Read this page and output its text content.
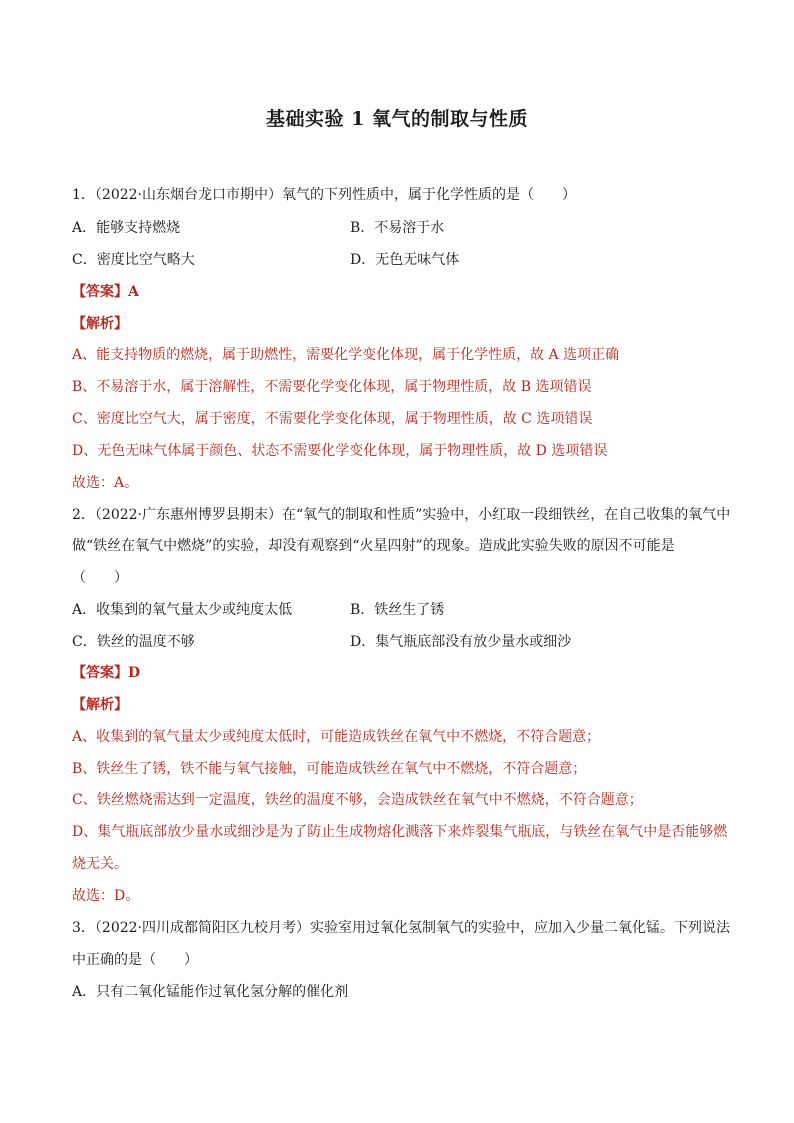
基础实验 1 氧气的制取与性质
1．（2022·山东烟台龙口市期中）氧气的下列性质中，属于化学性质的是（　　）
A．能够支持燃烧	B．不易溶于水
C．密度比空气略大	D．无色无味气体
【答案】A
【解析】
A、能支持物质的燃烧，属于助燃性，需要化学变化体现，属于化学性质，故 A 选项正确
B、不易溶于水，属于溶解性，不需要化学变化体现，属于物理性质，故 B 选项错误
C、密度比空气大，属于密度，不需要化学变化体现，属于物理性质，故 C 选项错误
D、无色无味气体属于颜色、状态不需要化学变化体现，属于物理性质，故 D 选项错误
故选：A。
2．（2022·广东惠州博罗县期末）在“氧气的制取和性质”实验中，小红取一段细铁丝，在自己收集的氧气中
做“铁丝在氧气中燃烧”的实验，却没有观察到“火星四射”的现象。造成此实验失败的原因不可能是
（　　）
A．收集到的氧气量太少或纯度太低	B．铁丝生了锈
C．铁丝的温度不够	D．集气瓶底部没有放少量水或细沙
【答案】D
【解析】
A、收集到的氧气量太少或纯度太低时，可能造成铁丝在氧气中不燃烧，不符合题意；
B、铁丝生了锈，铁不能与氧气接触，可能造成铁丝在氧气中不燃烧，不符合题意；
C、铁丝燃烧需达到一定温度，铁丝的温度不够，会造成铁丝在氧气中不燃烧，不符合题意；
D、集气瓶底部放少量水或细沙是为了防止生成物熔化溅落下来炸裂集气瓶底，与铁丝在氧气中是否能够燃
烧无关。
故选：D。
3．（2022·四川成都简阳区九校月考）实验室用过氧化氢制氧气的实验中，应加入少量二氧化锰。下列说法
中正确的是（　　）
A．只有二氧化锰能作过氧化氢分解的催化剂
